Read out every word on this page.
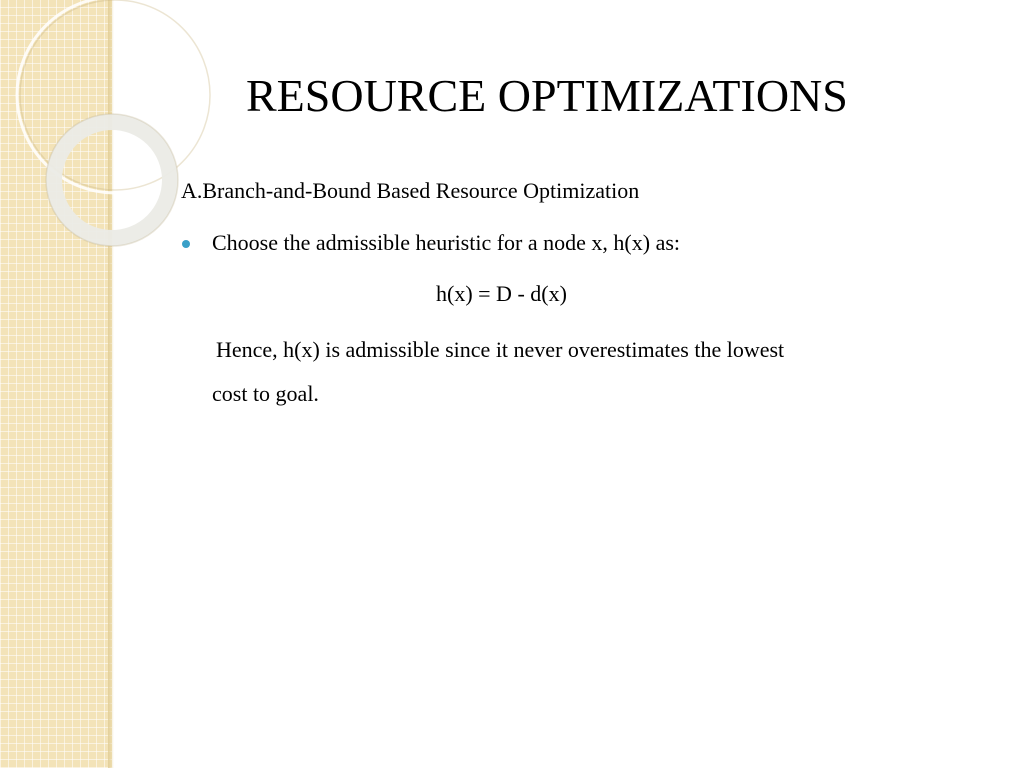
RESOURCE OPTIMIZATIONS
A.Branch-and-Bound Based Resource Optimization
Choose the admissible heuristic for a node x, h(x) as:
h(x) = D - d(x)
Hence, h(x) is admissible since it never overestimates the lowest
cost to goal.
